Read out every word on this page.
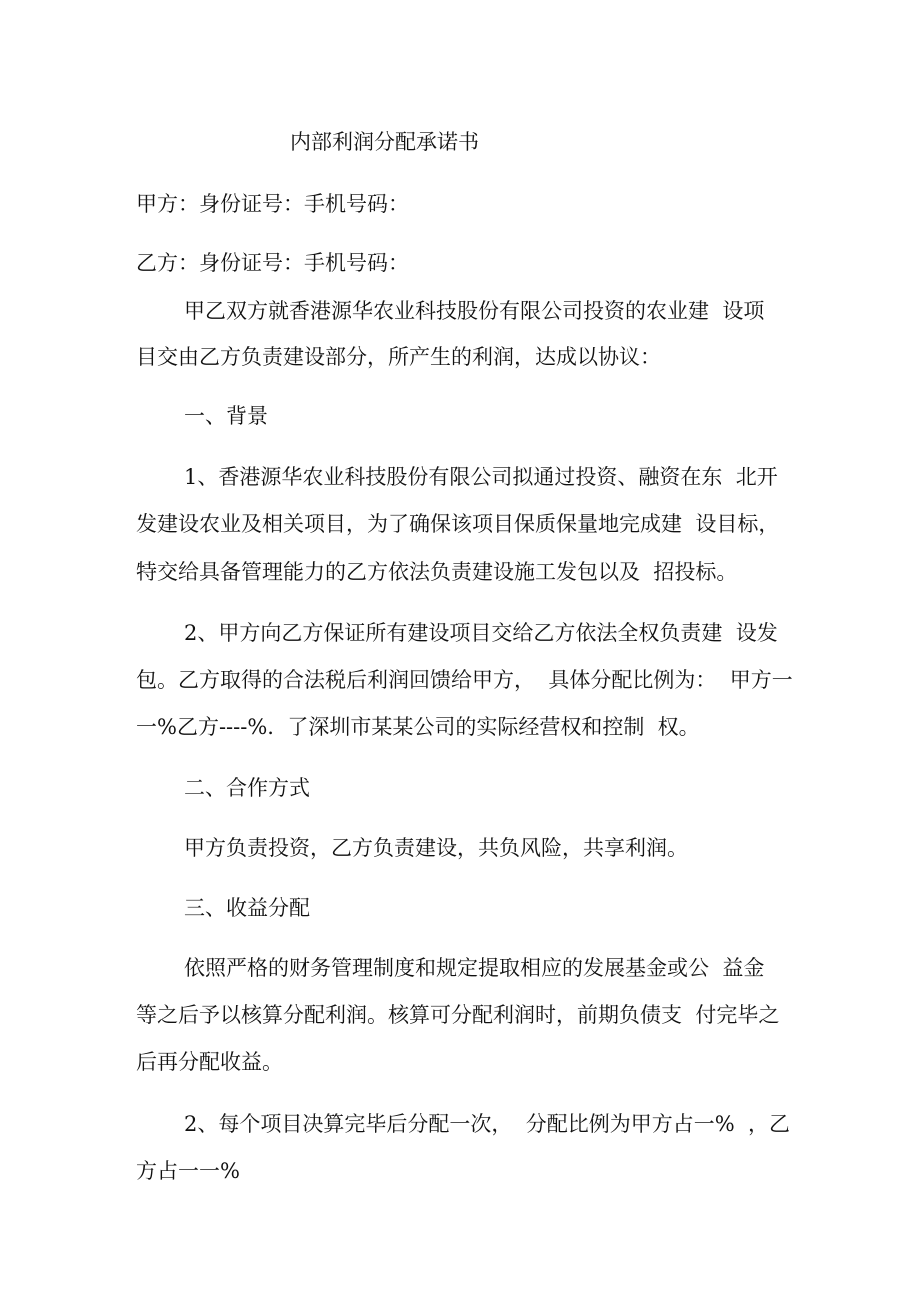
内部利润分配承诺书
甲方：身份证号：手机号码：
乙方：身份证号：手机号码：
甲乙双方就香港源华农业科技股份有限公司投资的农业建  设项
目交由乙方负责建设部分，所产生的利润，达成以协议：
一、背景
1、香港源华农业科技股份有限公司拟通过投资、融资在东  北开
发建设农业及相关项目，为了确保该项目保质保量地完成建  设目标，
特交给具备管理能力的乙方依法负责建设施工发包以及  招投标。
2、甲方向乙方保证所有建设项目交给乙方依法全权负责建  设发
包。乙方取得的合法税后利润回馈给甲方，  具体分配比例为：  甲方一
一%乙方----%.  了深圳市某某公司的实际经营权和控制  权。
二、合作方式
甲方负责投资，乙方负责建设，共负风险，共享利润。
三、收益分配
依照严格的财务管理制度和规定提取相应的发展基金或公  益金
等之后予以核算分配利润。核算可分配利润时，前期负债支  付完毕之
后再分配收益。
2、每个项目决算完毕后分配一次，  分配比例为甲方占一%  ，乙
方占一一%
